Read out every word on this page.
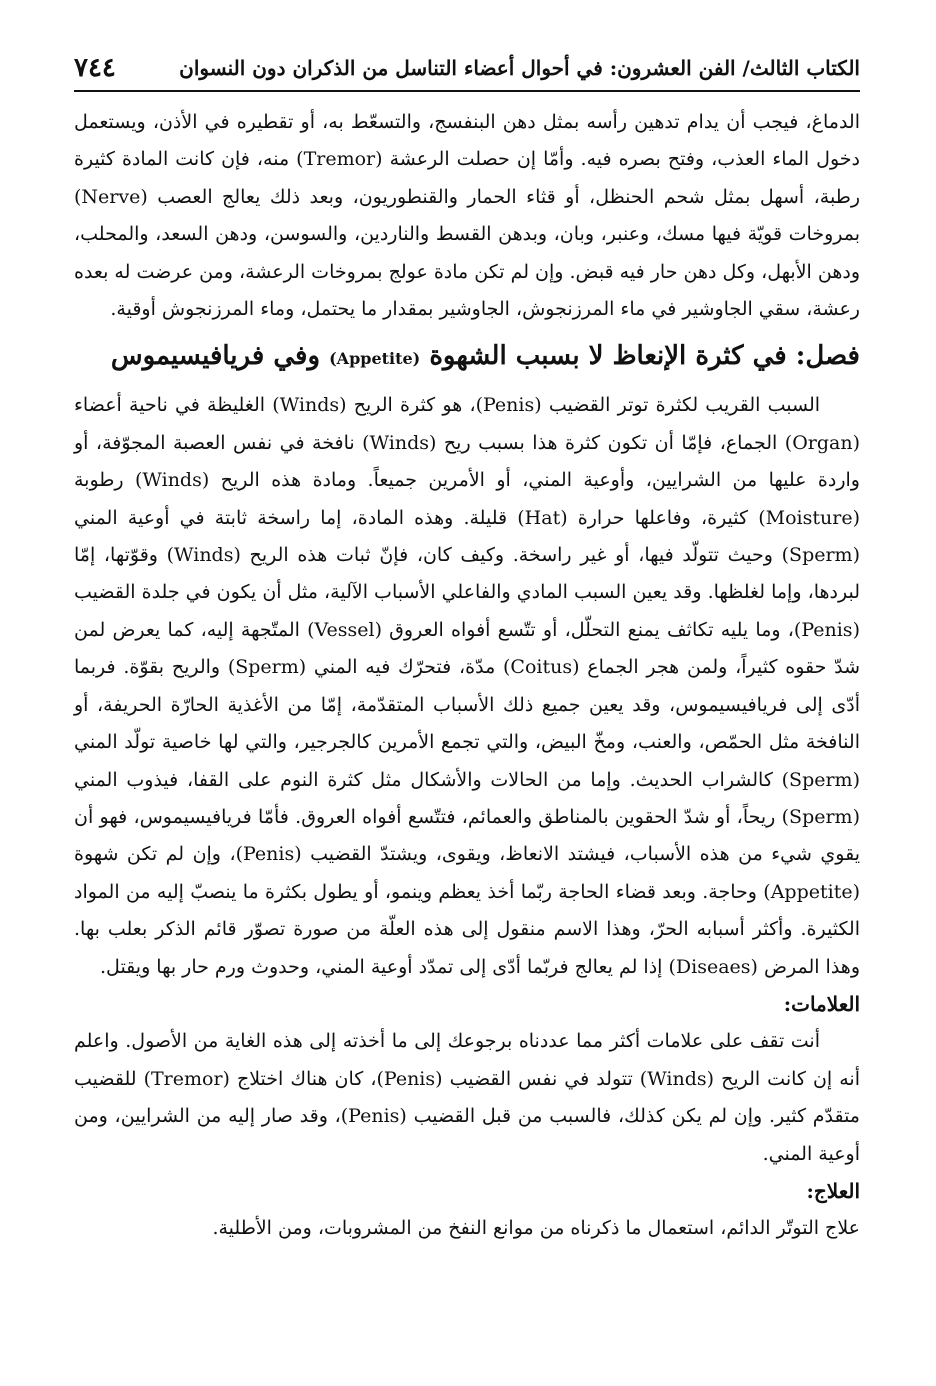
٧٤٤	الكتاب الثالث/ الفن العشرون: في أحوال أعضاء التناسل من الذكران دون النسوان

الدماغ، فيجب أن يدام تدهين رأسه بمثل دهن البنفسج، والتسعّط به، أو تقطيره في الأذن، ويستعمل دخول الماء العذب، وفتح بصره فيه. وأمّا إن حصلت الرعشة (Tremor) منه، فإن كانت المادة كثيرة رطبة، أسهل بمثل شحم الحنظل، أو قثاء الحمار والقنطوريون، وبعد ذلك يعالج العصب (Nerve) بمروخات قويّة فيها مسك، وعنبر، وبان، وبدهن القسط والناردين، والسوسن، ودهن السعد، والمحلب، ودهن الأبهل، وكل دهن حار فيه قبض. وإن لم تكن مادة عولج بمروخات الرعشة، ومن عرضت له بعده رعشة، سقي الجاوشير في ماء المرزنجوش، الجاوشير بمقدار ما يحتمل، وماء المرزنجوش أوقية.

فصل: في كثرة الإنعاظ لا بسبب الشهوة (Appetite) وفي فريافيسيموس

السبب القريب لكثرة توتر القضيب (Penis)، هو كثرة الريح (Winds) الغليظة في ناحية أعضاء (Organ) الجماع، فإمّا أن تكون كثرة هذا بسبب ريح (Winds) نافخة في نفس العصبة المجوّفة، أو واردة عليها من الشرايين، وأوعية المني، أو الأمرين جميعاً. ومادة هذه الريح (Winds) رطوبة (Moisture) كثيرة، وفاعلها حرارة (Hat) قليلة. وهذه المادة، إما راسخة ثابتة في أوعية المني (Sperm) وحيث تتولّد فيها، أو غير راسخة. وكيف كان، فإنّ ثبات هذه الريح (Winds) وقوّتها، إمّا لبردها، وإما لغلظها. وقد يعين السبب المادي والفاعلي الأسباب الآلية، مثل أن يكون في جلدة القضيب (Penis)، وما يليه تكاثف يمنع التحلّل، أو تتّسع أفواه العروق (Vessel) المتّجهة إليه، كما يعرض لمن شدّ حقوه كثيراً، ولمن هجر الجماع (Coitus) مدّة، فتحرّك فيه المني (Sperm) والريح بقوّة. فربما أدّى إلى فريافيسيموس، وقد يعين جميع ذلك الأسباب المتقدّمة، إمّا من الأغذية الحارّة الحريفة، أو النافخة مثل الحمّص، والعنب، ومخّ البيض، والتي تجمع الأمرين كالجرجير، والتي لها خاصية تولّد المني (Sperm) كالشراب الحديث. وإما من الحالات والأشكال مثل كثرة النوم على القفا، فيذوب المني (Sperm) ريحاً، أو شدّ الحقوين بالمناطق والعمائم، فتتّسع أفواه العروق. فأمّا فريافيسيموس، فهو أن يقوي شيء من هذه الأسباب، فيشتد الانعاظ، ويقوى، ويشتدّ القضيب (Penis)، وإن لم تكن شهوة (Appetite) وحاجة. وبعد قضاء الحاجة ربّما أخذ يعظم وينمو، أو يطول بكثرة ما ينصبّ إليه من المواد الكثيرة. وأكثر أسبابه الحرّ، وهذا الاسم منقول إلى هذه العلّة من صورة تصوّر قائم الذكر بعلب بها. وهذا المرض (Diseaes) إذا لم يعالج فربّما أدّى إلى تمدّد أوعية المني، وحدوث ورم حار بها ويقتل.

العلامات:

أنت تقف على علامات أكثر مما عددناه برجوعك إلى ما أخذته إلى هذه الغاية من الأصول. واعلم أنه إن كانت الريح (Winds) تتولد في نفس القضيب (Penis)، كان هناك اختلاج (Tremor) للقضيب متقدّم كثير. وإن لم يكن كذلك، فالسبب من قبل القضيب (Penis)، وقد صار إليه من الشرايين، ومن أوعية المني.

العلاج:

علاج التوتّر الدائم، استعمال ما ذكرناه من موانع النفخ من المشروبات، ومن الأطلية.
